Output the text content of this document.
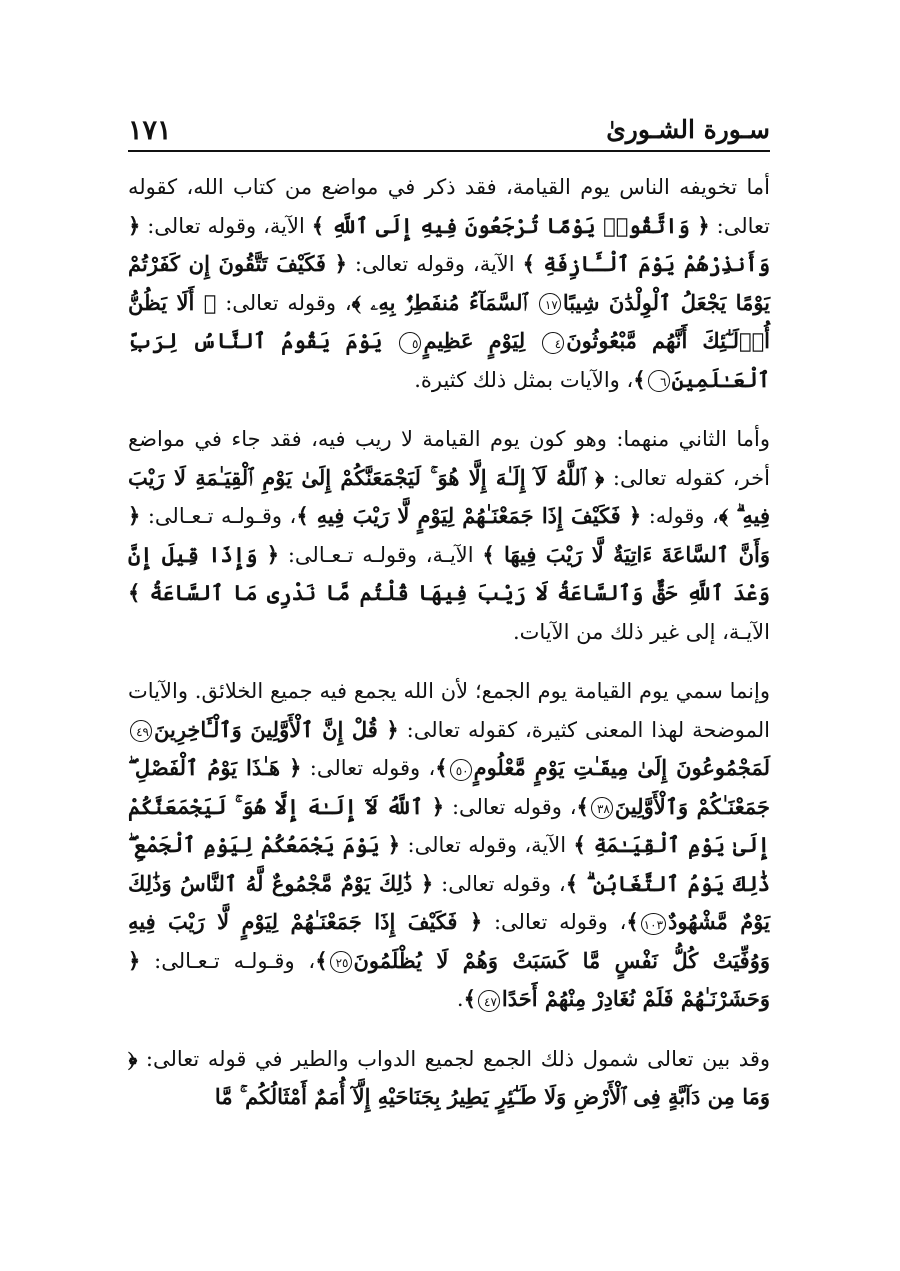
سـورة الشـورىٰ
١٧١

أما تخويفه الناس يوم القيامة، فقد ذكر في مواضع من كتاب الله، كقوله تعالى: ﴿ وَاتَّقُوا۟ يَوْمًا تُرْجَعُونَ فِيهِ إِلَى ٱللَّهِ ﴾ الآية، وقوله تعالى: ﴿ وَأَنذِرْهُمْ يَوْمَ ٱلْـَٔازِفَةِ ﴾ الآية، وقوله تعالى: ﴿ فَكَيْفَ تَتَّقُونَ إِن كَفَرْتُمْ يَوْمًا يَجْعَلُ ٱلْوِلْدَٰنَ شِيبًا١٧ ٱلسَّمَآءُ مُنفَطِرٌۢ بِهِۦ ﴾، وقوله تعالى: ﴿ أَلَا يَظُنُّ أُو۟لَـٰٓئِكَ أَنَّهُم مَّبْعُوثُونَ٤ لِيَوْمٍ عَظِيمٍ٥ يَوْمَ يَقُومُ ٱلنَّاسُ لِرَبِّ ٱلْعَـٰلَمِينَ٦﴾، والآيات بمثل ذلك كثيرة.

وأما الثاني منهما: وهو كون يوم القيامة لا ريب فيه، فقد جاء في مواضع أخر، كقوله تعالى: ﴿ ٱللَّهُ لَآ إِلَـٰهَ إِلَّا هُوَ ۚ لَيَجْمَعَنَّكُمْ إِلَىٰ يَوْمِ ٱلْقِيَـٰمَةِ لَا رَيْبَ فِيهِ ۗ ﴾، وقوله: ﴿ فَكَيْفَ إِذَا جَمَعْنَـٰهُمْ لِيَوْمٍ لَّا رَيْبَ فِيهِ ﴾، وقـولـه تـعـالى: ﴿ وَأَنَّ ٱلسَّاعَةَ ءَاتِيَةٌ لَّا رَيْبَ فِيهَا ﴾ الآيـة، وقولـه تـعـالى: ﴿ وَإِذَا قِيلَ إِنَّ وَعْدَ ٱللَّهِ حَقٌّ وَٱلسَّاعَةُ لَا رَيْبَ فِيهَا قُلْتُم مَّا نَدْرِى مَا ٱلسَّاعَةُ ﴾ الآيـة، إلى غير ذلك من الآيات.

وإنما سمي يوم القيامة يوم الجمع؛ لأن الله يجمع فيه جميع الخلائق. والآيات الموضحة لهذا المعنى كثيرة، كقوله تعالى: ﴿ قُلْ إِنَّ ٱلْأَوَّلِينَ وَٱلْـَٔاخِرِينَ٤٩ لَمَجْمُوعُونَ إِلَىٰ مِيقَـٰتِ يَوْمٍ مَّعْلُومٍ٥٠﴾، وقوله تعالى: ﴿ هَـٰذَا يَوْمُ ٱلْفَصْلِ ۖ جَمَعْنَـٰكُمْ وَٱلْأَوَّلِينَ٣٨﴾، وقوله تعالى: ﴿ ٱللَّهُ لَآ إِلَـٰهَ إِلَّا هُوَ ۚ لَيَجْمَعَنَّكُمْ إِلَىٰ يَوْمِ ٱلْقِيَـٰمَةِ ﴾ الآية، وقوله تعالى: ﴿ يَوْمَ يَجْمَعُكُمْ لِيَوْمِ ٱلْجَمْعِ ۖ ذَٰلِكَ يَوْمُ ٱلتَّغَابُنِ ۗ ﴾، وقوله تعالى: ﴿ ذَٰلِكَ يَوْمٌ مَّجْمُوعٌ لَّهُ ٱلنَّاسُ وَذَٰلِكَ يَوْمٌ مَّشْهُودٌ١٠٣﴾، وقوله تعالى: ﴿ فَكَيْفَ إِذَا جَمَعْنَـٰهُمْ لِيَوْمٍ لَّا رَيْبَ فِيهِ وَوُفِّيَتْ كُلُّ نَفْسٍ مَّا كَسَبَتْ وَهُمْ لَا يُظْلَمُونَ٢٥﴾، وقـولـه تـعـالى: ﴿ وَحَشَرْنَـٰهُمْ فَلَمْ نُغَادِرْ مِنْهُمْ أَحَدًا٤٧﴾.

وقد بين تعالى شمول ذلك الجمع لجميع الدواب والطير في قوله تعالى: ﴿ وَمَا مِن دَآبَّةٍ فِى ٱلْأَرْضِ وَلَا طَـٰٓئِرٍ يَطِيرُ بِجَنَاحَيْهِ إِلَّآ أُمَمٌ أَمْثَالُكُم ۚ مَّا
